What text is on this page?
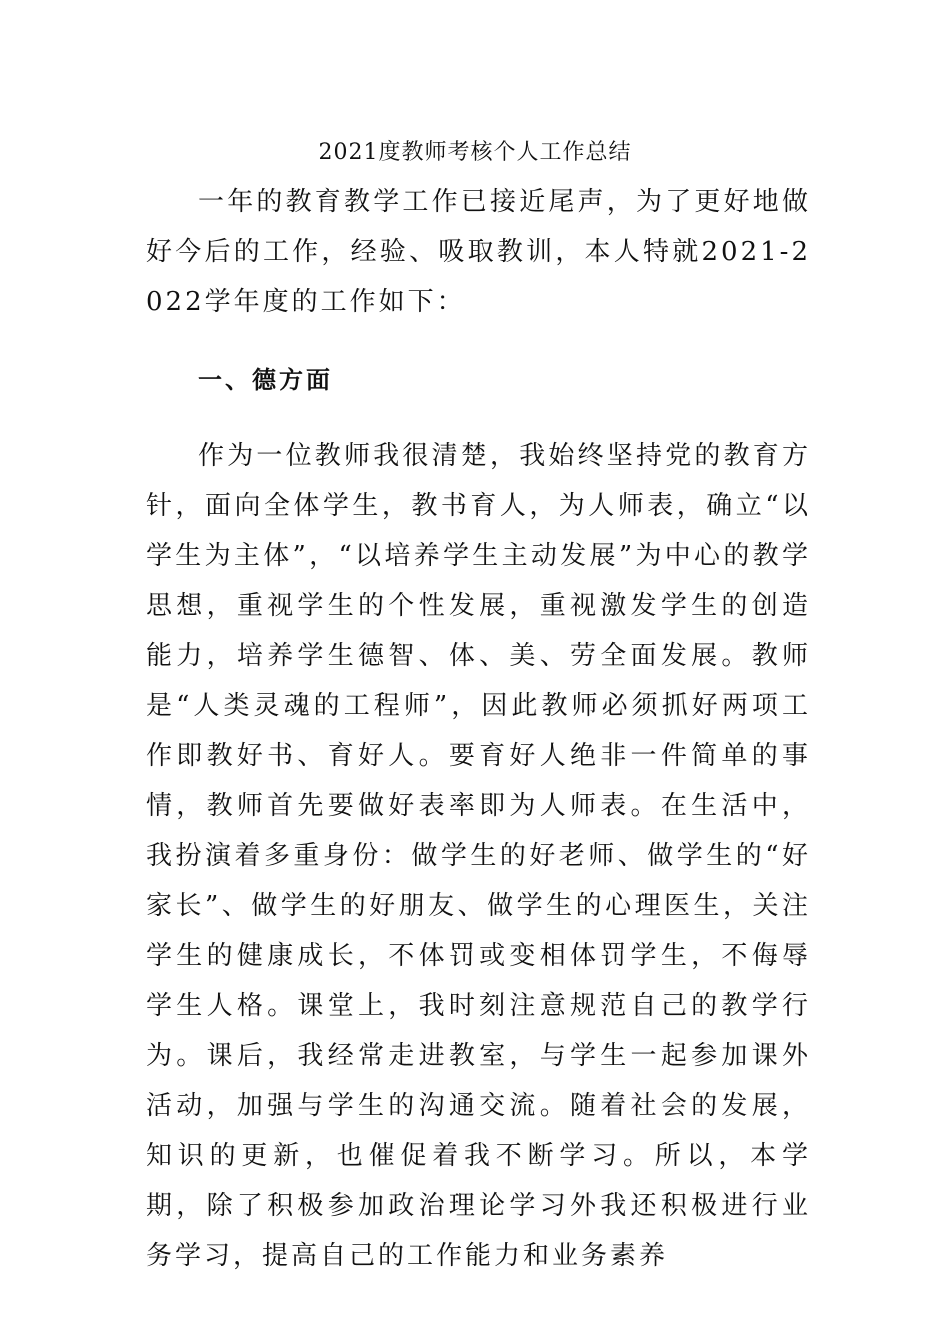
2021度教师考核个人工作总结

一年的教育教学工作已接近尾声，为了更好地做好今后的工作，经验、吸取教训，本人特就2021-2022学年度的工作如下：

一、德方面

作为一位教师我很清楚，我始终坚持党的教育方针，面向全体学生，教书育人，为人师表，确立“以学生为主体”，“以培养学生主动发展”为中心的教学思想，重视学生的个性发展，重视激发学生的创造能力，培养学生德智、体、美、劳全面发展。教师是“人类灵魂的工程师”，因此教师必须抓好两项工作即教好书、育好人。要育好人绝非一件简单的事情，教师首先要做好表率即为人师表。在生活中，我扮演着多重身份：做学生的好老师、做学生的“好家长”、做学生的好朋友、做学生的心理医生，关注学生的健康成长，不体罚或变相体罚学生，不侮辱学生人格。课堂上，我时刻注意规范自己的教学行为。课后，我经常走进教室，与学生一起参加课外活动，加强与学生的沟通交流。随着社会的发展，知识的更新，也催促着我不断学习。所以，本学期，除了积极参加政治理论学习外我还积极进行业务学习，提高自己的工作能力和业务素养
